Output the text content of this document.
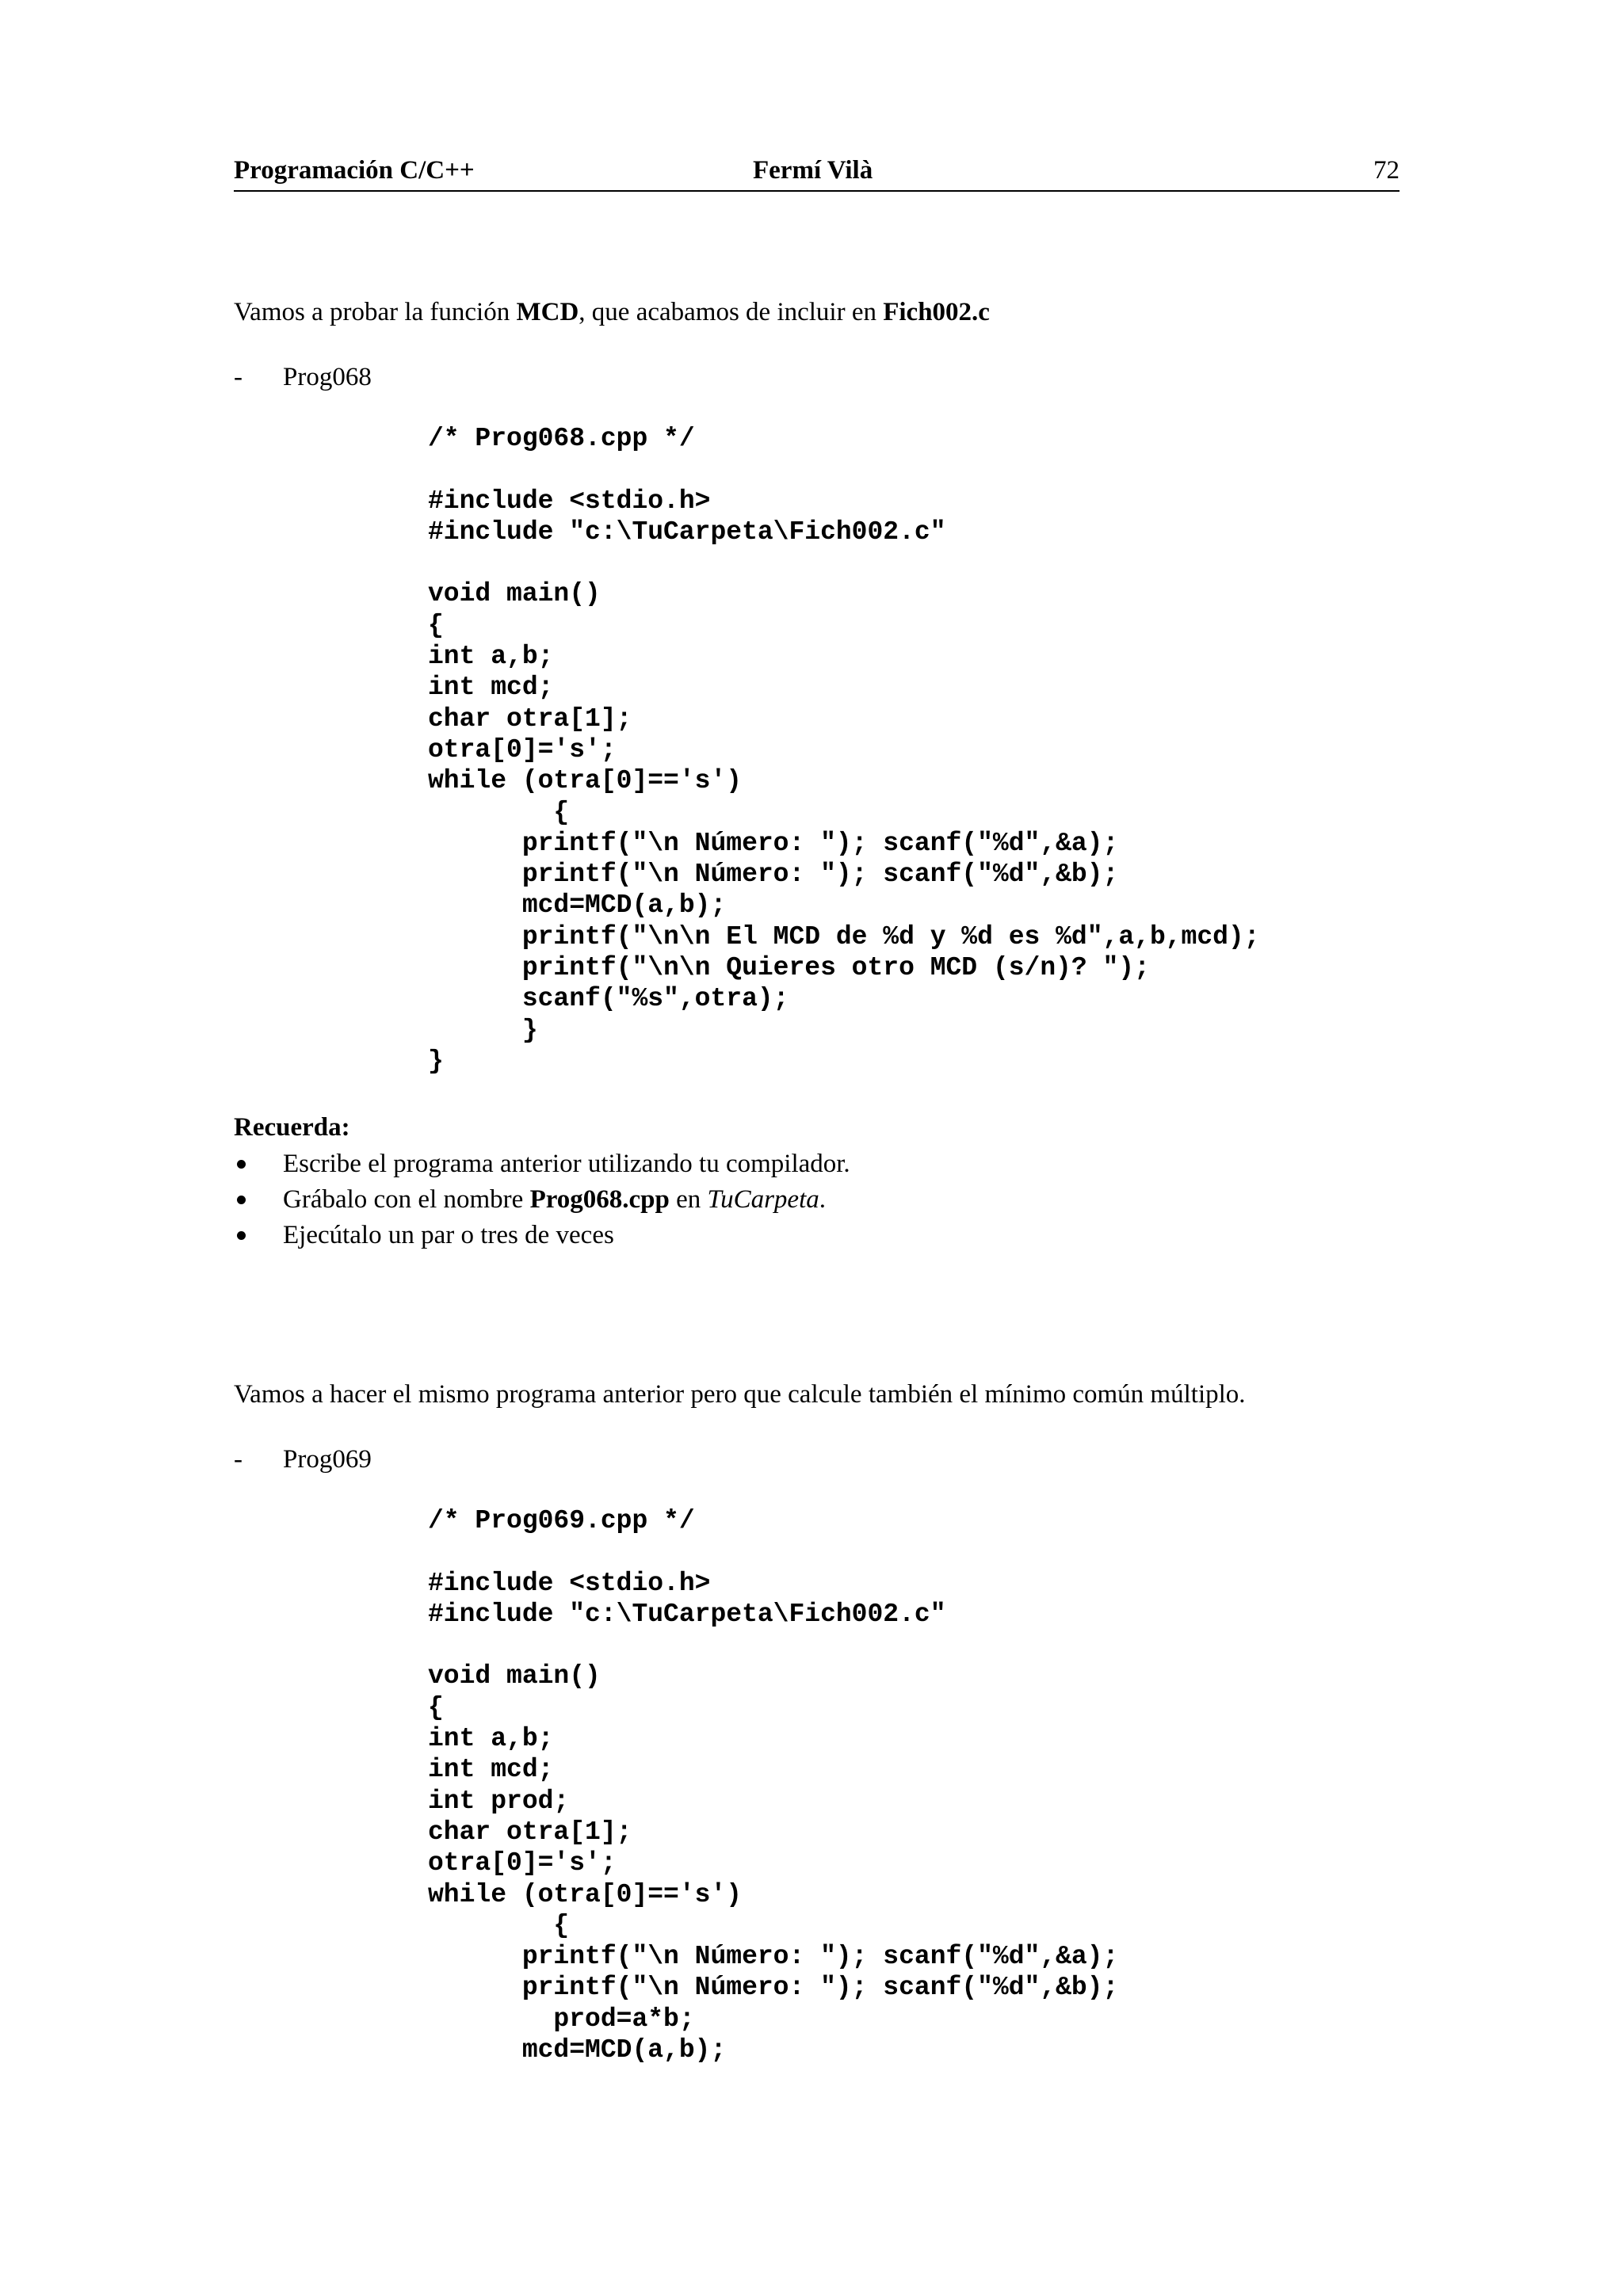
Programación C/C++	Fermí Vilà	72
Vamos a probar la función MCD, que acabamos de incluir en Fich002.c
- Prog068
/* Prog068.cpp */
#include <stdio.h>
#include "c:\TuCarpeta\Fich002.c"
void main()
{
int a,b;
int mcd;
char otra[1];
otra[0]='s';
while (otra[0]=='s')
{
printf("\n Número: "); scanf("%d",&a);
printf("\n Número: "); scanf("%d",&b);
mcd=MCD(a,b);
printf("\n\n El MCD de %d y %d es %d",a,b,mcd);
printf("\n\n Quieres otro MCD (s/n)? ");
scanf("%s",otra);
}
}
Recuerda:
Escribe el programa anterior utilizando tu compilador.
Grábalo con el nombre Prog068.cpp en TuCarpeta.
Ejecútalo un par o tres de veces
Vamos a hacer el mismo programa anterior pero que calcule también el mínimo común múltiplo.
- Prog069
/* Prog069.cpp */
#include <stdio.h>
#include "c:\TuCarpeta\Fich002.c"
void main()
{
int a,b;
int mcd;
int prod;
char otra[1];
otra[0]='s';
while (otra[0]=='s')
{
printf("\n Número: "); scanf("%d",&a);
printf("\n Número: "); scanf("%d",&b);
prod=a*b;
mcd=MCD(a,b);
